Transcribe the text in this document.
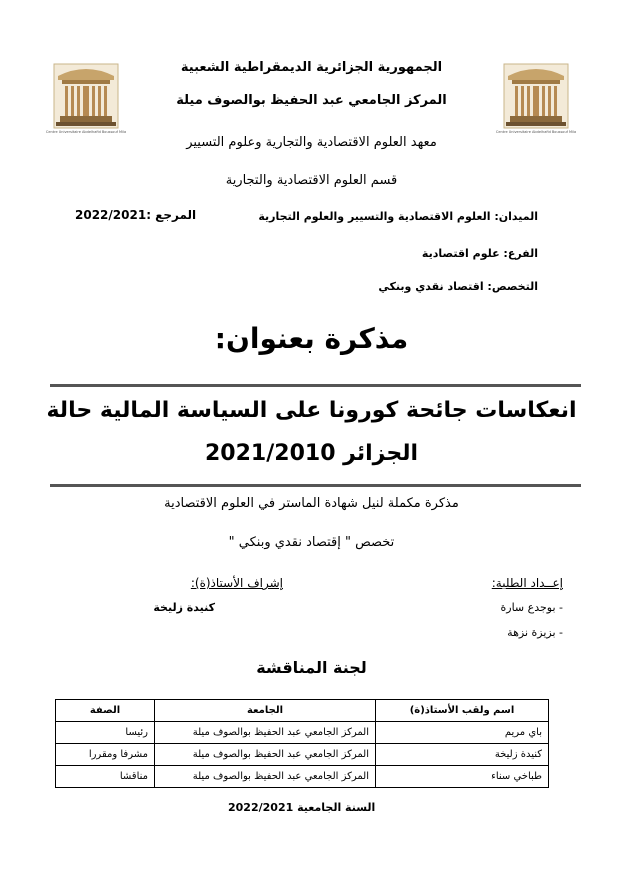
Centre Universitaire Abdelhafid Boussouf Mila	Centre Universitaire Abdelhafid Boussouf Mila
الجمهورية الجزائرية الديمقراطية الشعبية
المركز الجامعي عبد الحفيظ بوالصوف ميلة
معهد العلوم الاقتصادية والتجارية وعلوم التسيير
قسم العلوم الاقتصادية والتجارية
الميدان: العلوم الاقتصادية والتسيير والعلوم التجارية
المرجع :2022/2021
الفرع: علوم اقتصادية
التخصص: اقتصاد نقدي وبنكي
مذكرة بعنوان:
انعكاسات جائحة كورونا على السياسة المالية حالة
الجزائر 2021/2010
مذكرة مكملة لنيل شهادة الماستر في العلوم الاقتصادية
تخصص " إقتصاد نقدي وبنكي "
إعــداد الطلبة:
- بوجدع سارة
- بزيزة نزهة
إشراف الأستاذ(ة):
كنيدة زليخة
لجنة المناقشة
اسم ولقب الأستاذ(ة)	الجامعة	الصفة
باي مريم	المركز الجامعي عبد الحفيظ بوالصوف ميلة	رئيسا
كنيدة زليخة	المركز الجامعي عبد الحفيظ بوالصوف ميلة	مشرفا ومقررا
طباخي سناء	المركز الجامعي عبد الحفيظ بوالصوف ميلة	مناقشا
السنة الجامعية 2022/2021
